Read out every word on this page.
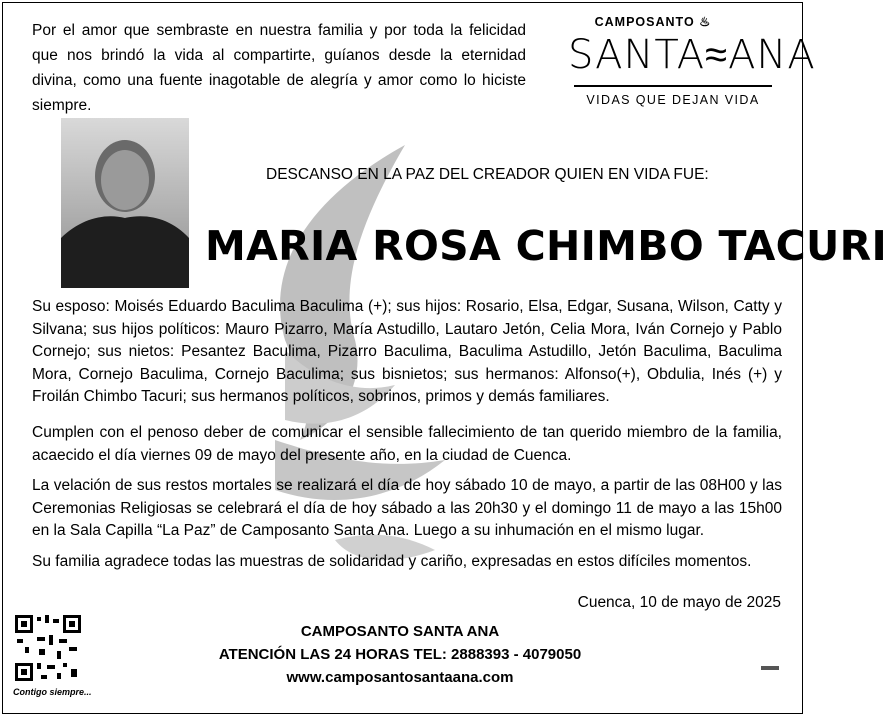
Por el amor que sembraste en nuestra familia y por toda la felicidad que nos brindó la vida al compartirte, guíanos desde la eternidad divina, como una fuente inagotable de alegría y amor como lo hiciste siempre.
CAMPOSANTO ♨
SANTA≈ANA
VIDAS QUE DEJAN VIDA
DESCANSO EN LA PAZ DEL CREADOR QUIEN EN VIDA FUE:
MARIA ROSA CHIMBO TACURI
Su esposo: Moisés Eduardo Baculima Baculima (+); sus hijos: Rosario, Elsa, Edgar, Susana, Wilson, Catty y Silvana; sus hijos políticos: Mauro Pizarro, María Astudillo, Lautaro Jetón, Celia Mora, Iván Cornejo y Pablo Cornejo; sus nietos: Pesantez Baculima, Pizarro Baculima, Baculima Astudillo, Jetón Baculima, Baculima Mora, Cornejo Baculima, Cornejo Baculima; sus bisnietos; sus hermanos: Alfonso(+), Obdulia, Inés (+) y Froilán Chimbo Tacuri; sus hermanos políticos, sobrinos, primos y demás familiares.
Cumplen con el penoso deber de comunicar el sensible fallecimiento de tan querido miembro de la familia, acaecido el día viernes 09 de mayo del presente año, en la ciudad de Cuenca.
La velación de sus restos mortales se realizará el día de hoy sábado 10 de mayo, a partir de las 08H00 y las Ceremonias Religiosas se celebrará el día de hoy sábado a las 20h30 y el domingo 11 de mayo a las 15h00 en la Sala Capilla “La Paz” de Camposanto Santa Ana. Luego a su inhumación en el mismo lugar.
Su familia agradece todas las muestras de solidaridad y cariño, expresadas en estos difíciles momentos.
Cuenca, 10 de mayo de 2025
Contigo siempre...
CAMPOSANTO SANTA ANA
ATENCIÓN LAS 24 HORAS TEL: 2888393 - 4079050
www.camposantosantaana.com
